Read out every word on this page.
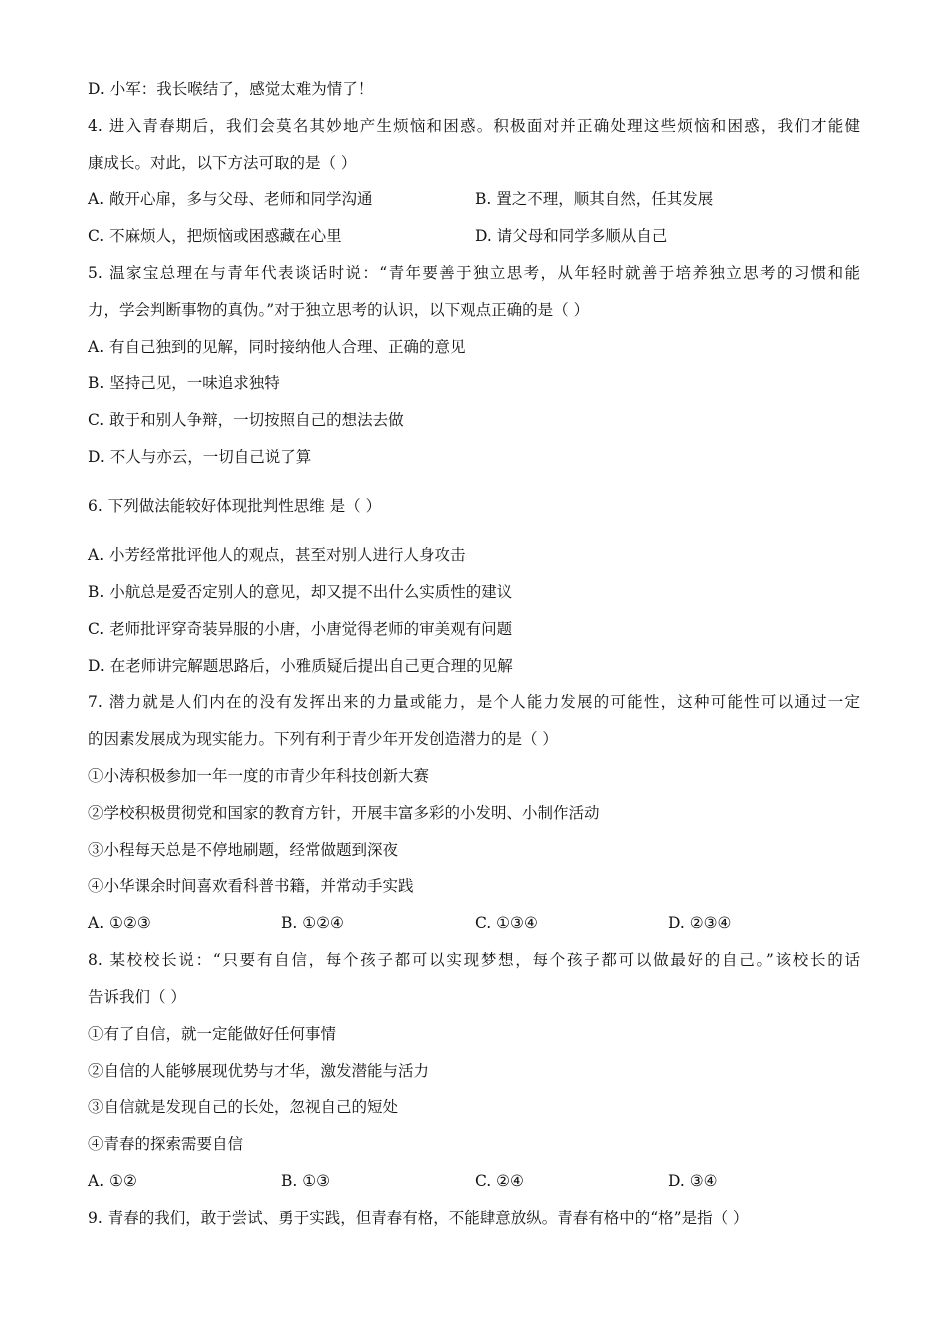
D. 小军：我长喉结了，感觉太难为情了！
4. 进入青春期后，我们会莫名其妙地产生烦恼和困惑。积极面对并正确处理这些烦恼和困惑，我们才能健
康成长。对此，以下方法可取的是（ ）
A. 敞开心扉，多与父母、老师和同学沟通	B. 置之不理，顺其自然，任其发展
C. 不麻烦人，把烦恼或困惑藏在心里	D. 请父母和同学多顺从自己
5. 温家宝总理在与青年代表谈话时说：“青年要善于独立思考，从年轻时就善于培养独立思考的习惯和能
力，学会判断事物的真伪。”对于独立思考的认识，以下观点正确的是（ ）
A. 有自己独到的见解，同时接纳他人合理、正确的意见
B. 坚持己见，一味追求独特
C. 敢于和别人争辩，一切按照自己的想法去做
D. 不人与亦云，一切自己说了算
6. 下列做法能较好体现批判性思维 是（ ）
A. 小芳经常批评他人的观点，甚至对别人进行人身攻击
B. 小航总是爱否定别人的意见，却又提不出什么实质性的建议
C. 老师批评穿奇装异服的小唐，小唐觉得老师的审美观有问题
D. 在老师讲完解题思路后，小雅质疑后提出自己更合理的见解
7. 潜力就是人们内在的没有发挥出来的力量或能力，是个人能力发展的可能性，这种可能性可以通过一定
的因素发展成为现实能力。下列有利于青少年开发创造潜力的是（ ）
①小涛积极参加一年一度的市青少年科技创新大赛
②学校积极贯彻党和国家的教育方针，开展丰富多彩的小发明、小制作活动
③小程每天总是不停地刷题，经常做题到深夜
④小华课余时间喜欢看科普书籍，并常动手实践
A. ①②③	B. ①②④	C. ①③④	D. ②③④
8. 某校校长说：“只要有自信，每个孩子都可以实现梦想，每个孩子都可以做最好的自己。”该校长的话
告诉我们（ ）
①有了自信，就一定能做好任何事情
②自信的人能够展现优势与才华，激发潜能与活力
③自信就是发现自己的长处，忽视自己的短处
④青春的探索需要自信
A. ①②	B. ①③	C. ②④	D. ③④
9. 青春的我们，敢于尝试、勇于实践，但青春有格，不能肆意放纵。青春有格中的“格”是指（ ）
